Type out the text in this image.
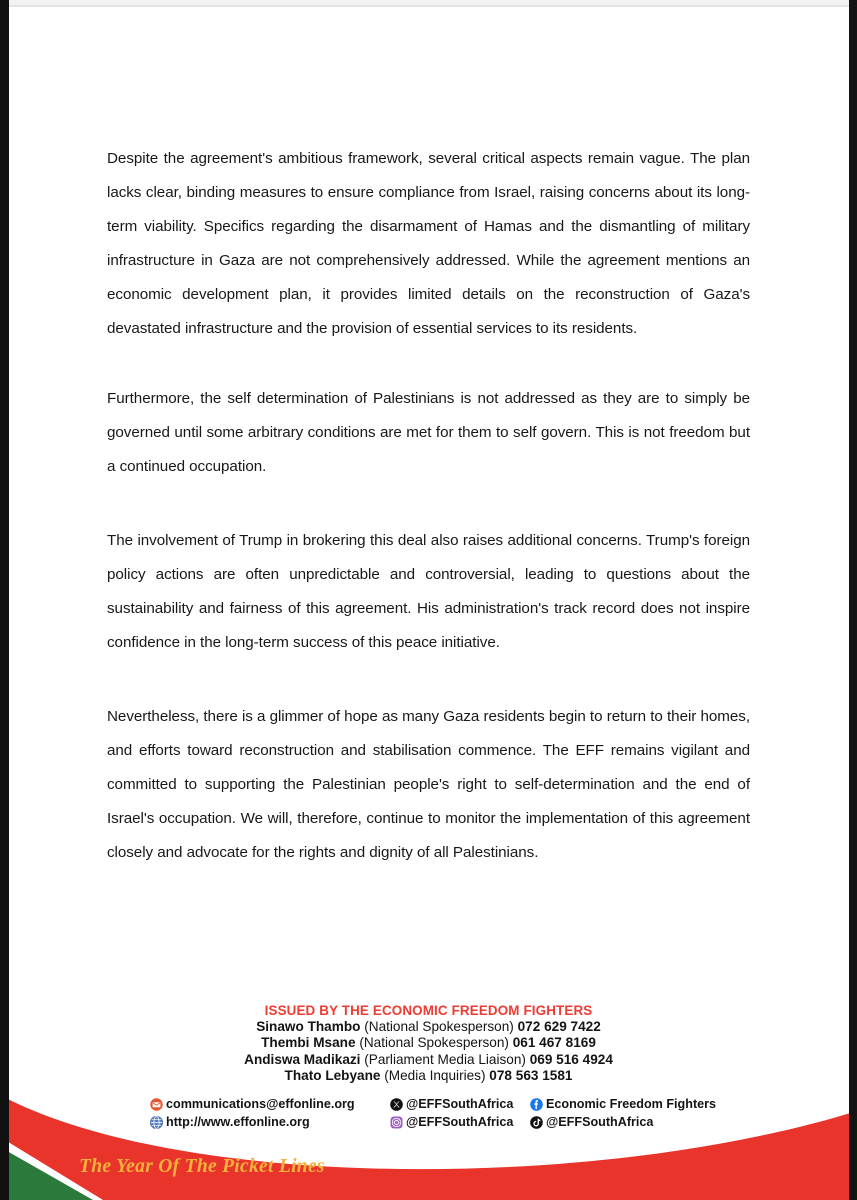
Despite the agreement's ambitious framework, several critical aspects remain vague. The plan lacks clear, binding measures to ensure compliance from Israel, raising concerns about its long-term viability. Specifics regarding the disarmament of Hamas and the dismantling of military infrastructure in Gaza are not comprehensively addressed. While the agreement mentions an economic development plan, it provides limited details on the reconstruction of Gaza's devastated infrastructure and the provision of essential services to its residents.

Furthermore, the self determination of Palestinians is not addressed as they are to simply be governed until some arbitrary conditions are met for them to self govern. This is not freedom but a continued occupation.

The involvement of Trump in brokering this deal also raises additional concerns. Trump's foreign policy actions are often unpredictable and controversial, leading to questions about the sustainability and fairness of this agreement. His administration's track record does not inspire confidence in the long-term success of this peace initiative.

Nevertheless, there is a glimmer of hope as many Gaza residents begin to return to their homes, and efforts toward reconstruction and stabilisation commence. The EFF remains vigilant and committed to supporting the Palestinian people's right to self-determination and the end of Israel's occupation. We will, therefore, continue to monitor the implementation of this agreement closely and advocate for the rights and dignity of all Palestinians.

ISSUED BY THE ECONOMIC FREEDOM FIGHTERS

Sinawo Thambo (National Spokesperson) 072 629 7422

Thembi Msane (National Spokesperson) 061 467 8169

Andiswa Madikazi (Parliament Media Liaison) 069 516 4924

Thato Lebyane (Media Inquiries) 078 563 1581

communications@effonline.org
http://www.effonline.org
@EFFSouthAfrica
@EFFSouthAfrica
Economic Freedom Fighters
@EFFSouthAfrica
The Year Of The Picket Lines
